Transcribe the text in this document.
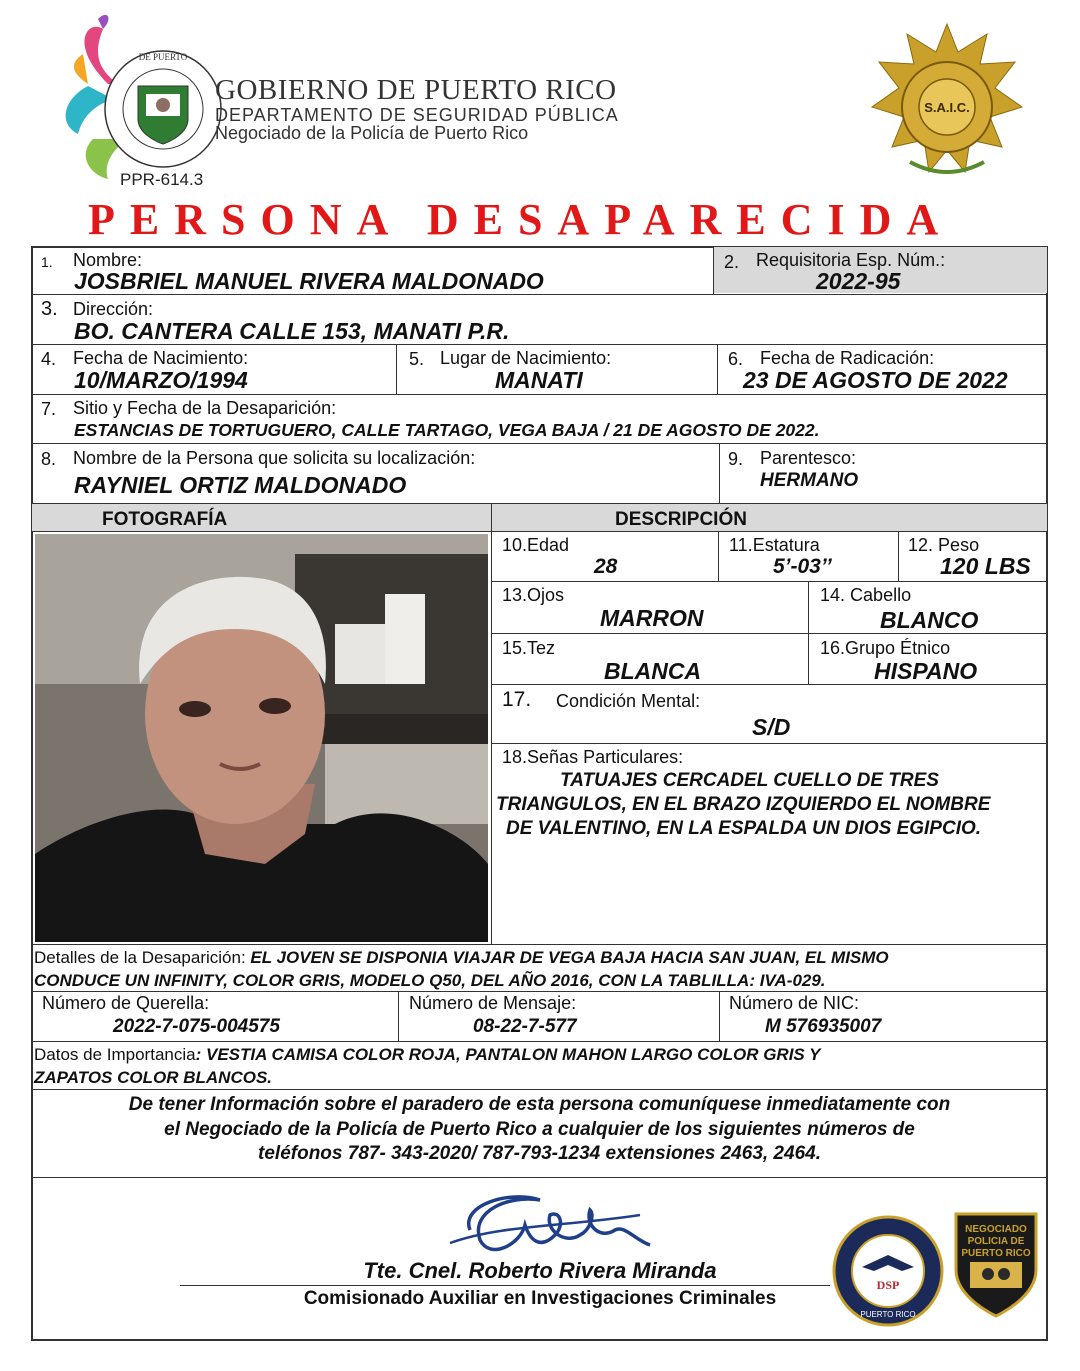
DE PUERTO
GOBIERNO DE PUERTO RICO
DEPARTAMENTO DE SEGURIDAD PÚBLICA
Negociado de la Policía de Puerto Rico
PPR-614.3
S.A.I.C.
PERSONA DESAPARECIDA
1. Nombre:
JOSBRIEL MANUEL RIVERA MALDONADO
2. Requisitoria Esp. Núm.:
2022-95
3. Dirección:
BO. CANTERA CALLE 153, MANATI P.R.
4. Fecha de Nacimiento:
10/MARZO/1994
5. Lugar de Nacimiento:
MANATI
6. Fecha de Radicación:
23 DE AGOSTO DE 2022
7. Sitio y Fecha de la Desaparición:
ESTANCIAS DE TORTUGUERO, CALLE TARTAGO, VEGA BAJA / 21 DE AGOSTO DE 2022.
8. Nombre de la Persona que solicita su localización:
RAYNIEL ORTIZ MALDONADO
9. Parentesco:
HERMANO
FOTOGRAFÍA	DESCRIPCIÓN
10.Edad
28
11.Estatura
5’-03’’
12. Peso
120 LBS
13.Ojos
MARRON
14. Cabello
BLANCO
15.Tez
BLANCA
16.Grupo Étnico
HISPANO
17. Condición Mental:
S/D
18.Señas Particulares:
TATUAJES CERCADEL CUELLO DE TRES
TRIANGULOS, EN EL BRAZO IZQUIERDO EL NOMBRE
DE VALENTINO, EN LA ESPALDA UN DIOS EGIPCIO.
Detalles de la Desaparición: EL JOVEN SE DISPONIA VIAJAR DE VEGA BAJA HACIA SAN JUAN, EL MISMO
CONDUCE UN INFINITY, COLOR GRIS, MODELO Q50, DEL AÑO 2016, CON LA TABLILLA: IVA-029.
Número de Querella:
2022-7-075-004575
Número de Mensaje:
08-22-7-577
Número de NIC:
M 576935007
Datos de Importancia: VESTIA CAMISA COLOR ROJA, PANTALON MAHON LARGO COLOR GRIS Y
ZAPATOS COLOR BLANCOS.
De tener Información sobre el paradero de esta persona comuníquese inmediatamente con
el Negociado de la Policía de Puerto Rico a cualquier de los siguientes números de
teléfonos 787- 343-2020/ 787-793-1234 extensiones 2463, 2464.
Tte. Cnel. Roberto Rivera Miranda
Comisionado Auxiliar en Investigaciones Criminales
DSP
PUERTO RICO
NEGOCIADO
POLICIA DE
PUERTO RICO
